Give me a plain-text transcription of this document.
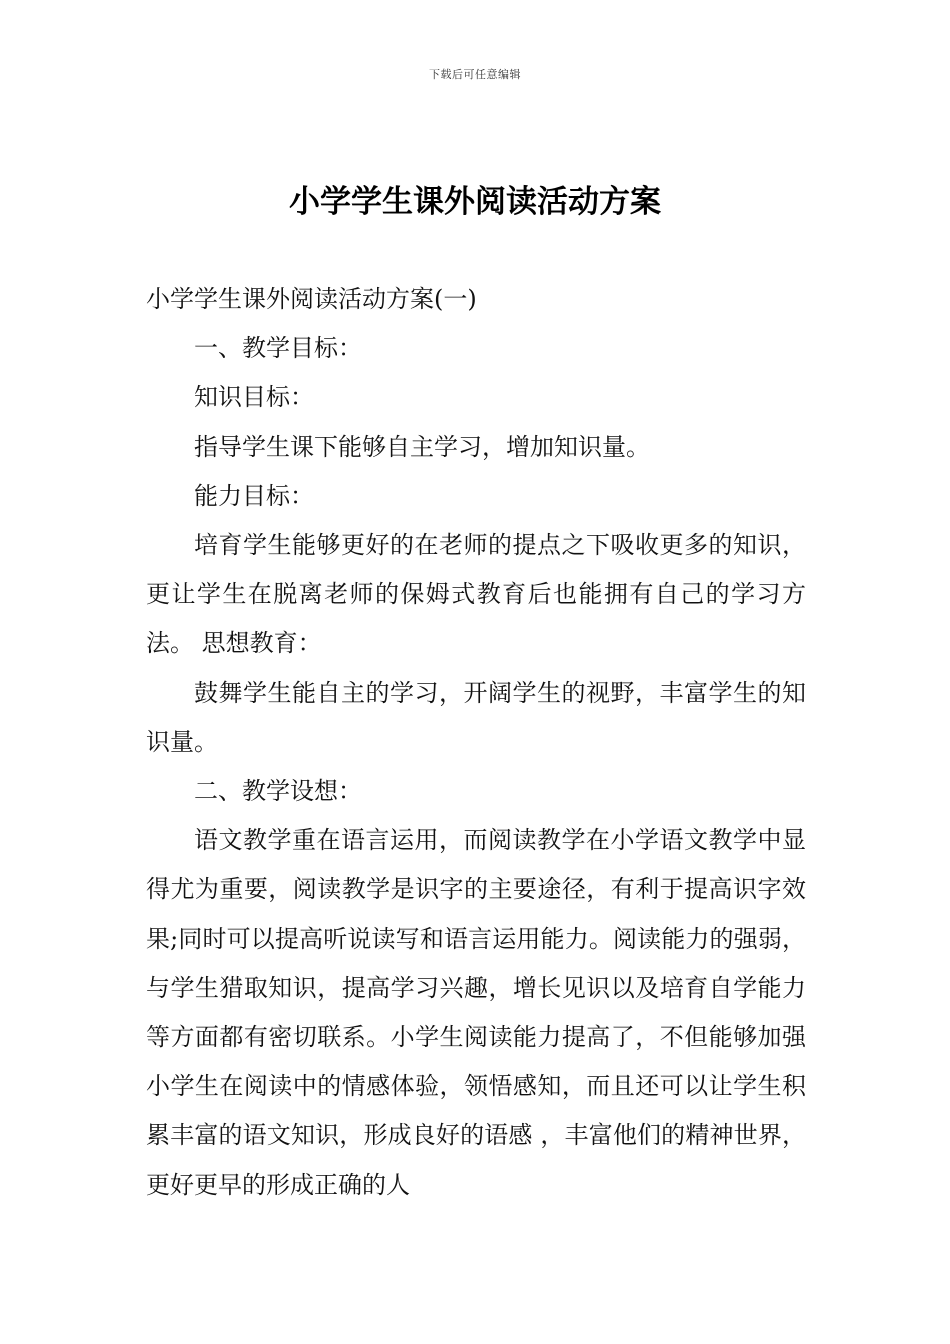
下载后可任意编辑
小学学生课外阅读活动方案

小学学生课外阅读活动方案(一)

一、教学目标：

知识目标：

指导学生课下能够自主学习，增加知识量。

能力目标：

培育学生能够更好的在老师的提点之下吸收更多的知识，更让学生在脱离老师的保姆式教育后也能拥有自己的学习方法。 思想教育：

鼓舞学生能自主的学习，开阔学生的视野，丰富学生的知识量。

二、教学设想：

语文教学重在语言运用，而阅读教学在小学语文教学中显得尤为重要，阅读教学是识字的主要途径，有利于提高识字效果;同时可以提高听说读写和语言运用能力。阅读能力的强弱，与学生猎取知识，提高学习兴趣，增长见识以及培育自学能力等方面都有密切联系。小学生阅读能力提高了，不但能够加强小学生在阅读中的情感体验，领悟感知，而且还可以让学生积累丰富的语文知识，形成良好的语感 ，丰富他们的精神世界，更好更早的形成正确的人
